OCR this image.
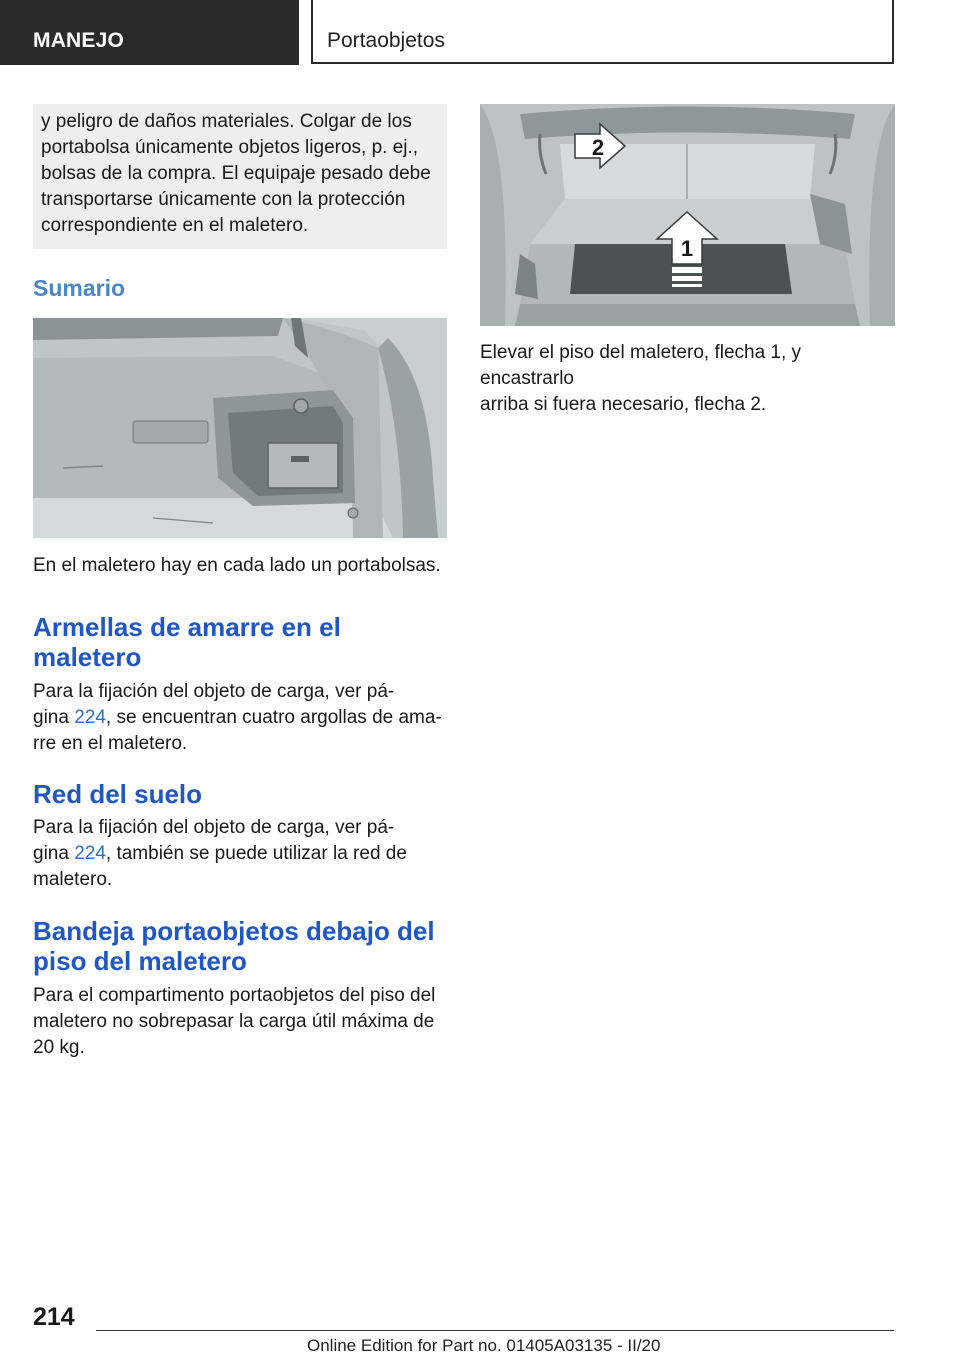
MANEJO	Portaobjetos

y peligro de daños materiales. Colgar de los

portabolsa únicamente objetos ligeros, p. ej.,

bolsas de la compra. El equipaje pesado debe

transportarse únicamente con la protección

correspondiente en el maletero.

Sumario
En el maletero hay en cada lado un portabolsas.
Armellas de amarre en el
maletero
Para la fijación del objeto de carga, ver pá‐
gina 224, se encuentran cuatro argollas de ama‐
rre en el maletero.
Red del suelo
Para la fijación del objeto de carga, ver pá‐
gina 224, también se puede utilizar la red de
maletero.
Bandeja portaobjetos debajo del
piso del maletero
Para el compartimento portaobjetos del piso del
maletero no sobrepasar la carga útil máxima de
20 kg.
1
2
Elevar el piso del maletero, flecha 1, y encastrarlo
arriba si fuera necesario, flecha 2.
214
Online Edition for Part no. 01405A03135 - II/20
